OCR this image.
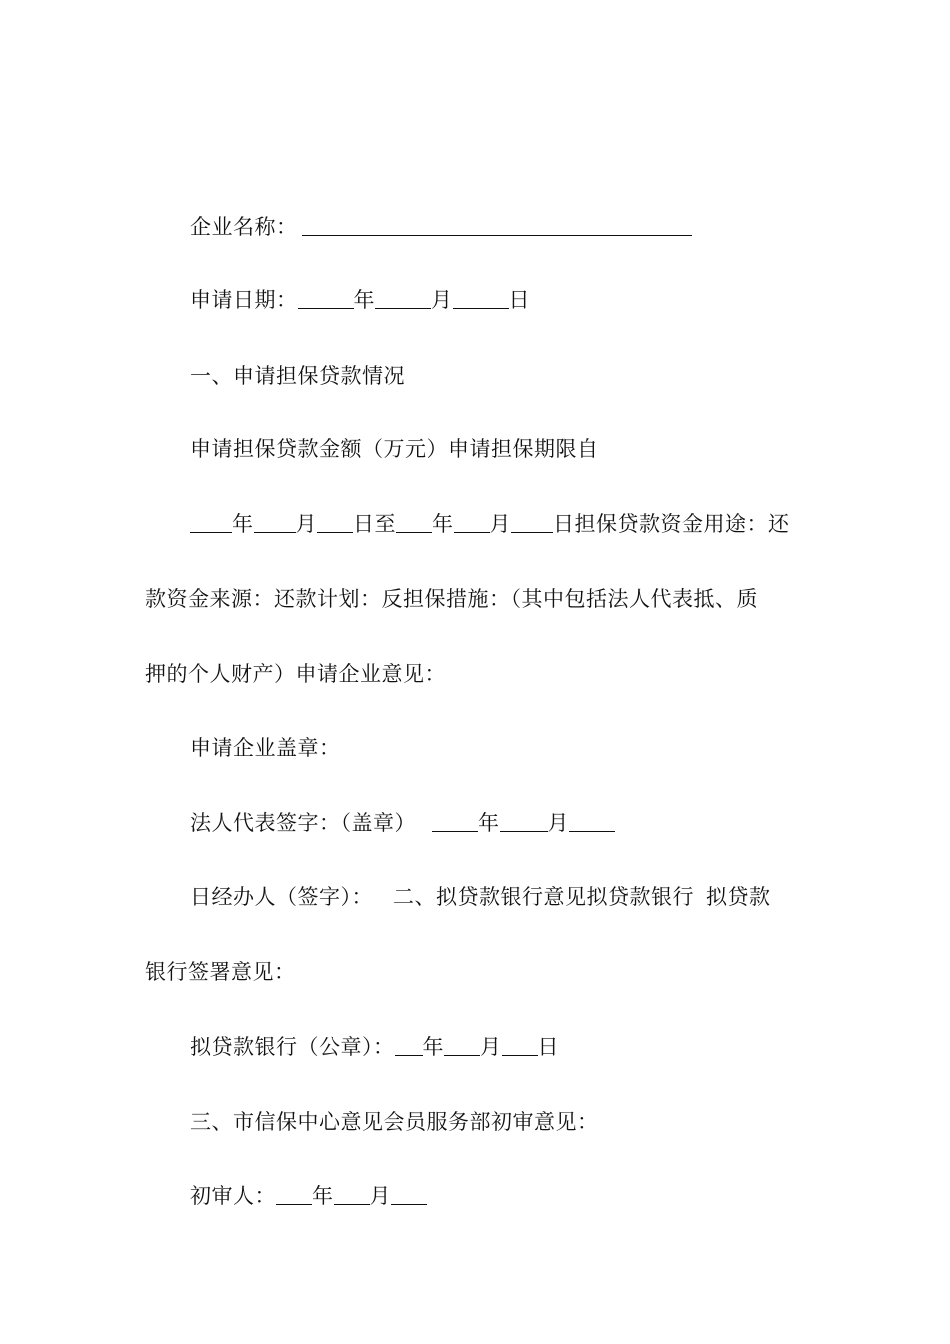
企业名称：
申请日期：	年	月	日
一、申请担保贷款情况
申请担保贷款金额（万元）申请担保期限自
年 月 日至 年 月 日担保贷款资金用途：还
款资金来源：还款计划：反担保措施：（其中包括法人代表抵、质
押的个人财产）申请企业意见：
申请企业盖章：
法人代表签字：（盖章）	年 月
日经办人（签字）： 二、拟贷款银行意见拟贷款银行 拟贷款
银行签署意见：
拟贷款银行（公章）： 年 月 日
三、市信保中心意见会员服务部初审意见：
初审人： 年 月
